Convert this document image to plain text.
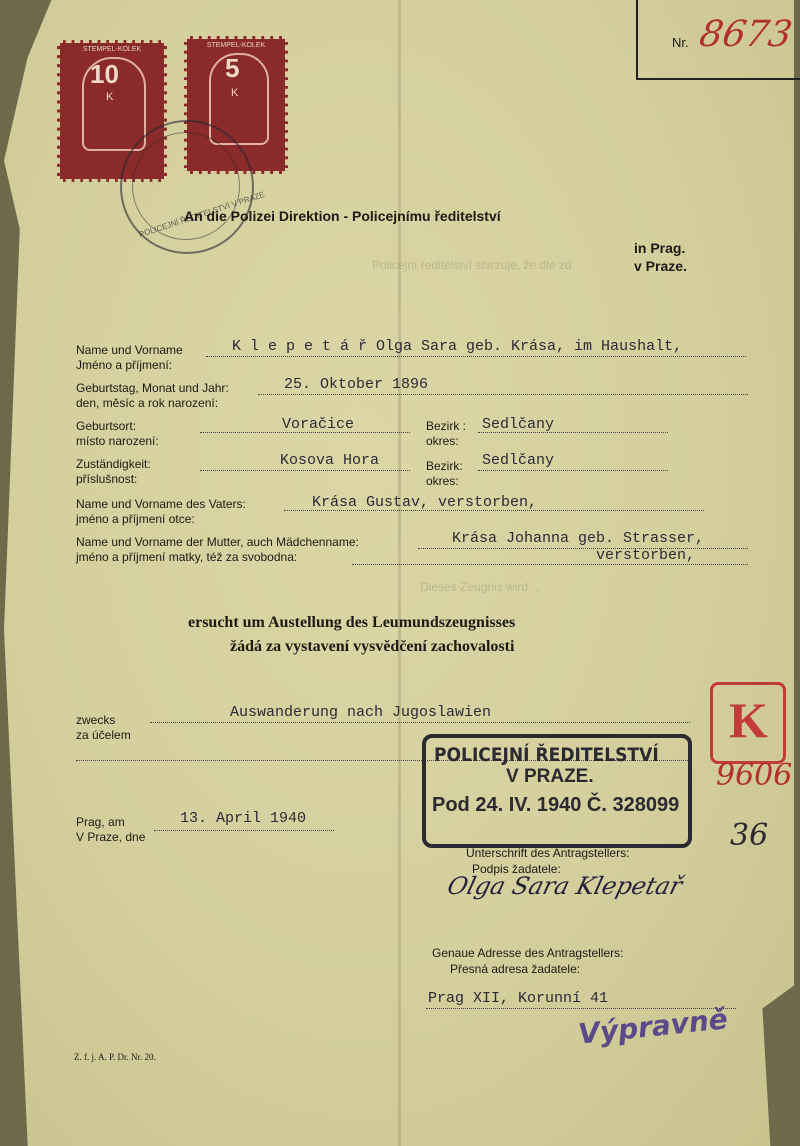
Nr. 8673
STEMPEL-KOLEK
10
K
STEMPEL-KOLEK
5
K
POLICEJNÍ ŘEDITELSTVÍ V PRAZE
Policejní ředitelství stvrzuje, že dle zd
Dieses Zeugnis wird ...
An die Polizei Direktion - Policejnímu ředitelství
in Prag.
v Praze.
Name und Vorname
Jméno a příjmení:
K l e p e t á ř Olga Sara geb. Krása, im Haushalt,
Geburtstag, Monat und Jahr:
den, měsíc a rok narození:
25. Oktober 1896
Geburtsort:
místo narození:
Voračice	Bezirk :
okres:
Sedlčany
Zuständigkeit:
příslušnost:
Kosova Hora	Bezirk:
okres:
Sedlčany
Name und Vorname des Vaters:
jméno a příjmení otce:
Krása Gustav, verstorben,
Name und Vorname der Mutter, auch Mädchenname:
jméno a příjmení matky, též za svobodna:
Krása Johanna geb. Strasser,
verstorben,
ersucht um Austellung des Leumundszeugnisses
žádá za vystavení vysvědčení zachovalosti
zwecks
za účelem
Auswanderung nach Jugoslawien
Prag, am
V Praze, dne
13. April 1940
POLICEJNÍ ŘEDITELSTVÍ
V PRAZE.
Pod 24. IV. 1940 Č. 328099
K
9606
36
Unterschrift des Antragstellers:
Podpis žadatele:
Olga Sara Klepetař
Genaue Adresse des Antragstellers:
Přesná adresa žadatele:
Prag XII, Korunní 41
Z. f. j. A. P. Dr. Nr. 20.
Výpravně
